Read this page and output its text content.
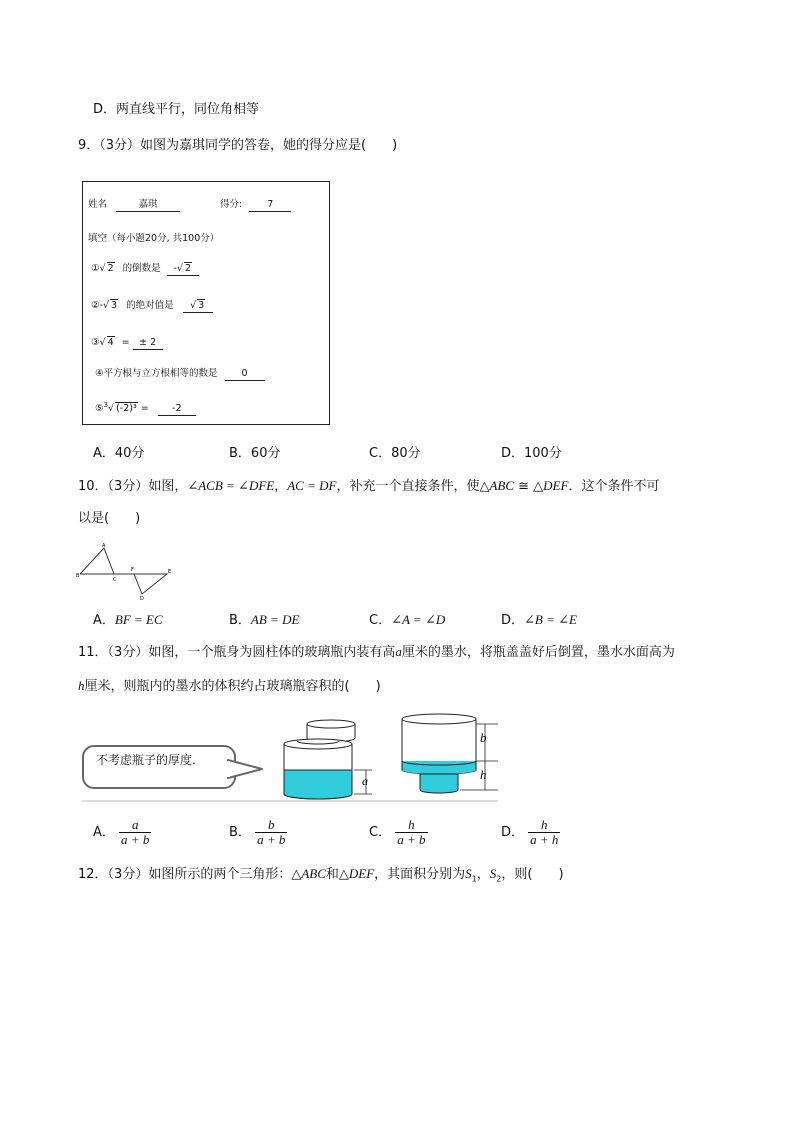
D．两直线平行，同位角相等
9．（3分）如图为嘉琪同学的答卷，她的得分应是(　　)
姓名	嘉琪	得分:	7
填空（每小题20分, 共100分）
①√ 2 的倒数是 -√ 2
②-√ 3 的绝对值是 √ 3
③√ 4 = ± 2
④平方根与立方根相等的数是	0
⑤$^3$√ (-2)³ = -2
A．40分	B．60分	C．80分	D．100分
10．（3分）如图，∠ACB = ∠DFE，AC = DF，补充一个直接条件，使△ABC ≅ △DEF．这个条件不可
以是(　　)
B
A
C
F	E
D
A．BF = EC	B．AB = DE	C．∠A = ∠D	D．∠B = ∠E
11．（3分）如图，一个瓶身为圆柱体的玻璃瓶内装有高a厘米的墨水，将瓶盖盖好后倒置，墨水水面高为
h厘米，则瓶内的墨水的体积约占玻璃瓶容积的(　　)
不考虑瓶子的厚度.
a
b
h
A． $\frac{a}{a + b}$	B． $\frac{b}{a + b}$	C． $\frac{h}{a + b}$	D． $\frac{h}{a + h}$
12．（3分）如图所示的两个三角形：△ABC和△DEF，其面积分别为$S_1$，$S_2$，则(　　)
